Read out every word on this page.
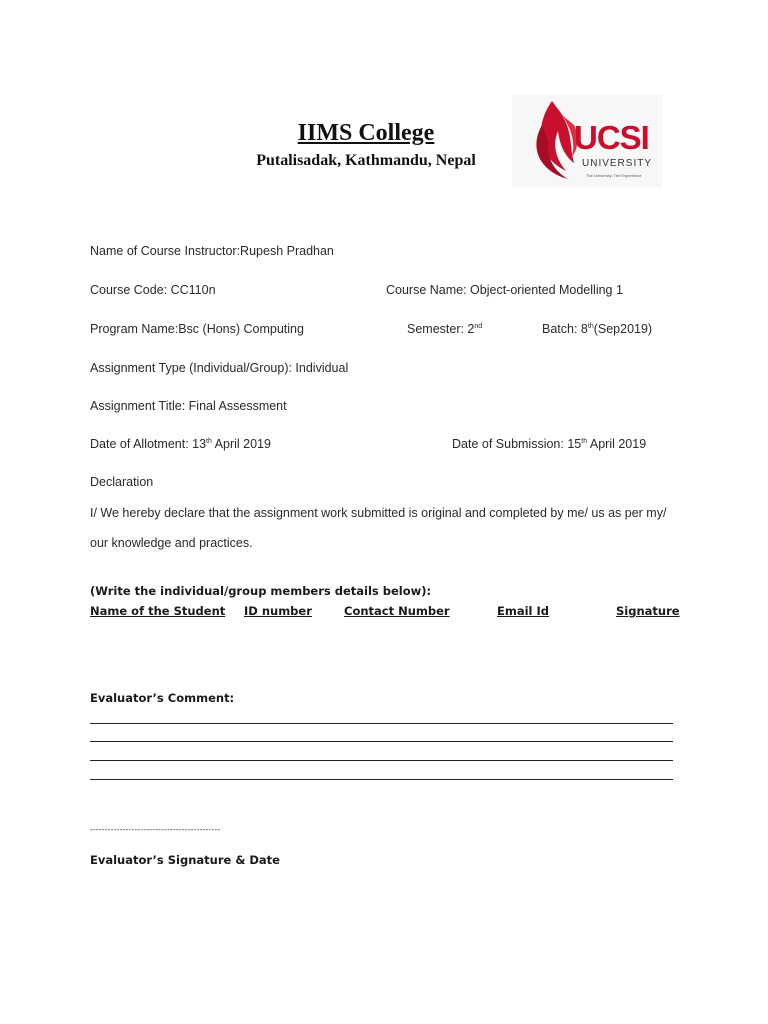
IIMS College
Putalisadak, Kathmandu, Nepal
UCSI
UNIVERSITY
The University. The Experience
Name of Course Instructor:Rupesh Pradhan
Course Code: CC110n	Course Name: Object-oriented Modelling 1
Program Name:Bsc (Hons) Computing	Semester: 2nd	Batch: 8th(Sep2019)
Assignment Type (Individual/Group): Individual
Assignment Title: Final Assessment
Date of Allotment: 13th April 2019	Date of Submission: 15th April 2019
Declaration
I/ We hereby declare that the assignment work submitted is original and completed by me/ us as per my/
our knowledge and practices.
(Write the individual/group members details below):
Name of the Student ID number	Contact Number	Email Id	Signature
Evaluator’s Comment:
--------------------------------------------
Evaluator’s Signature & Date
